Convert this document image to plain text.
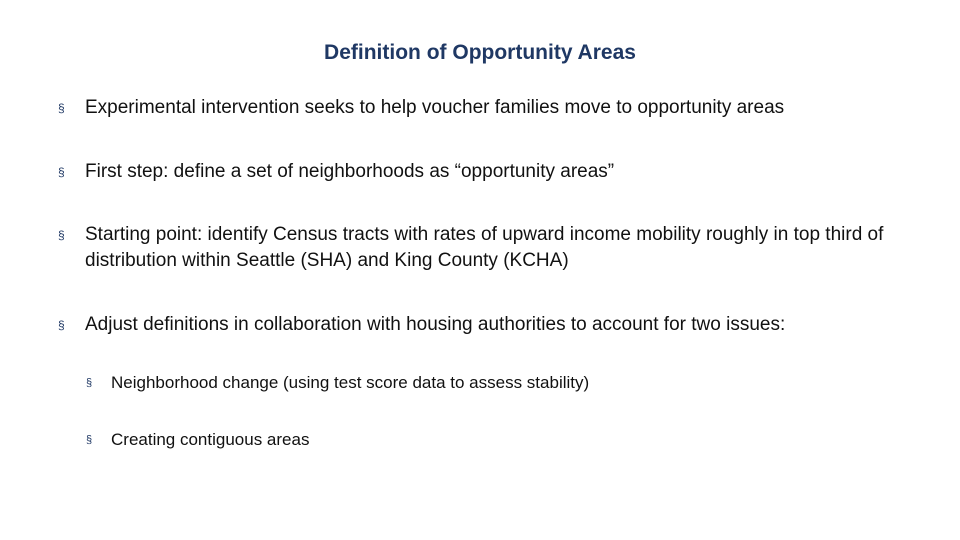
Definition of Opportunity Areas
§ Experimental intervention seeks to help voucher families move to opportunity areas
§ First step: define a set of neighborhoods as “opportunity areas”
§ Starting point: identify Census tracts with rates of upward income mobility roughly in top third of distribution within Seattle (SHA) and King County (KCHA)
§ Adjust definitions in collaboration with housing authorities to account for two issues:
§ Neighborhood change (using test score data to assess stability)
§ Creating contiguous areas
